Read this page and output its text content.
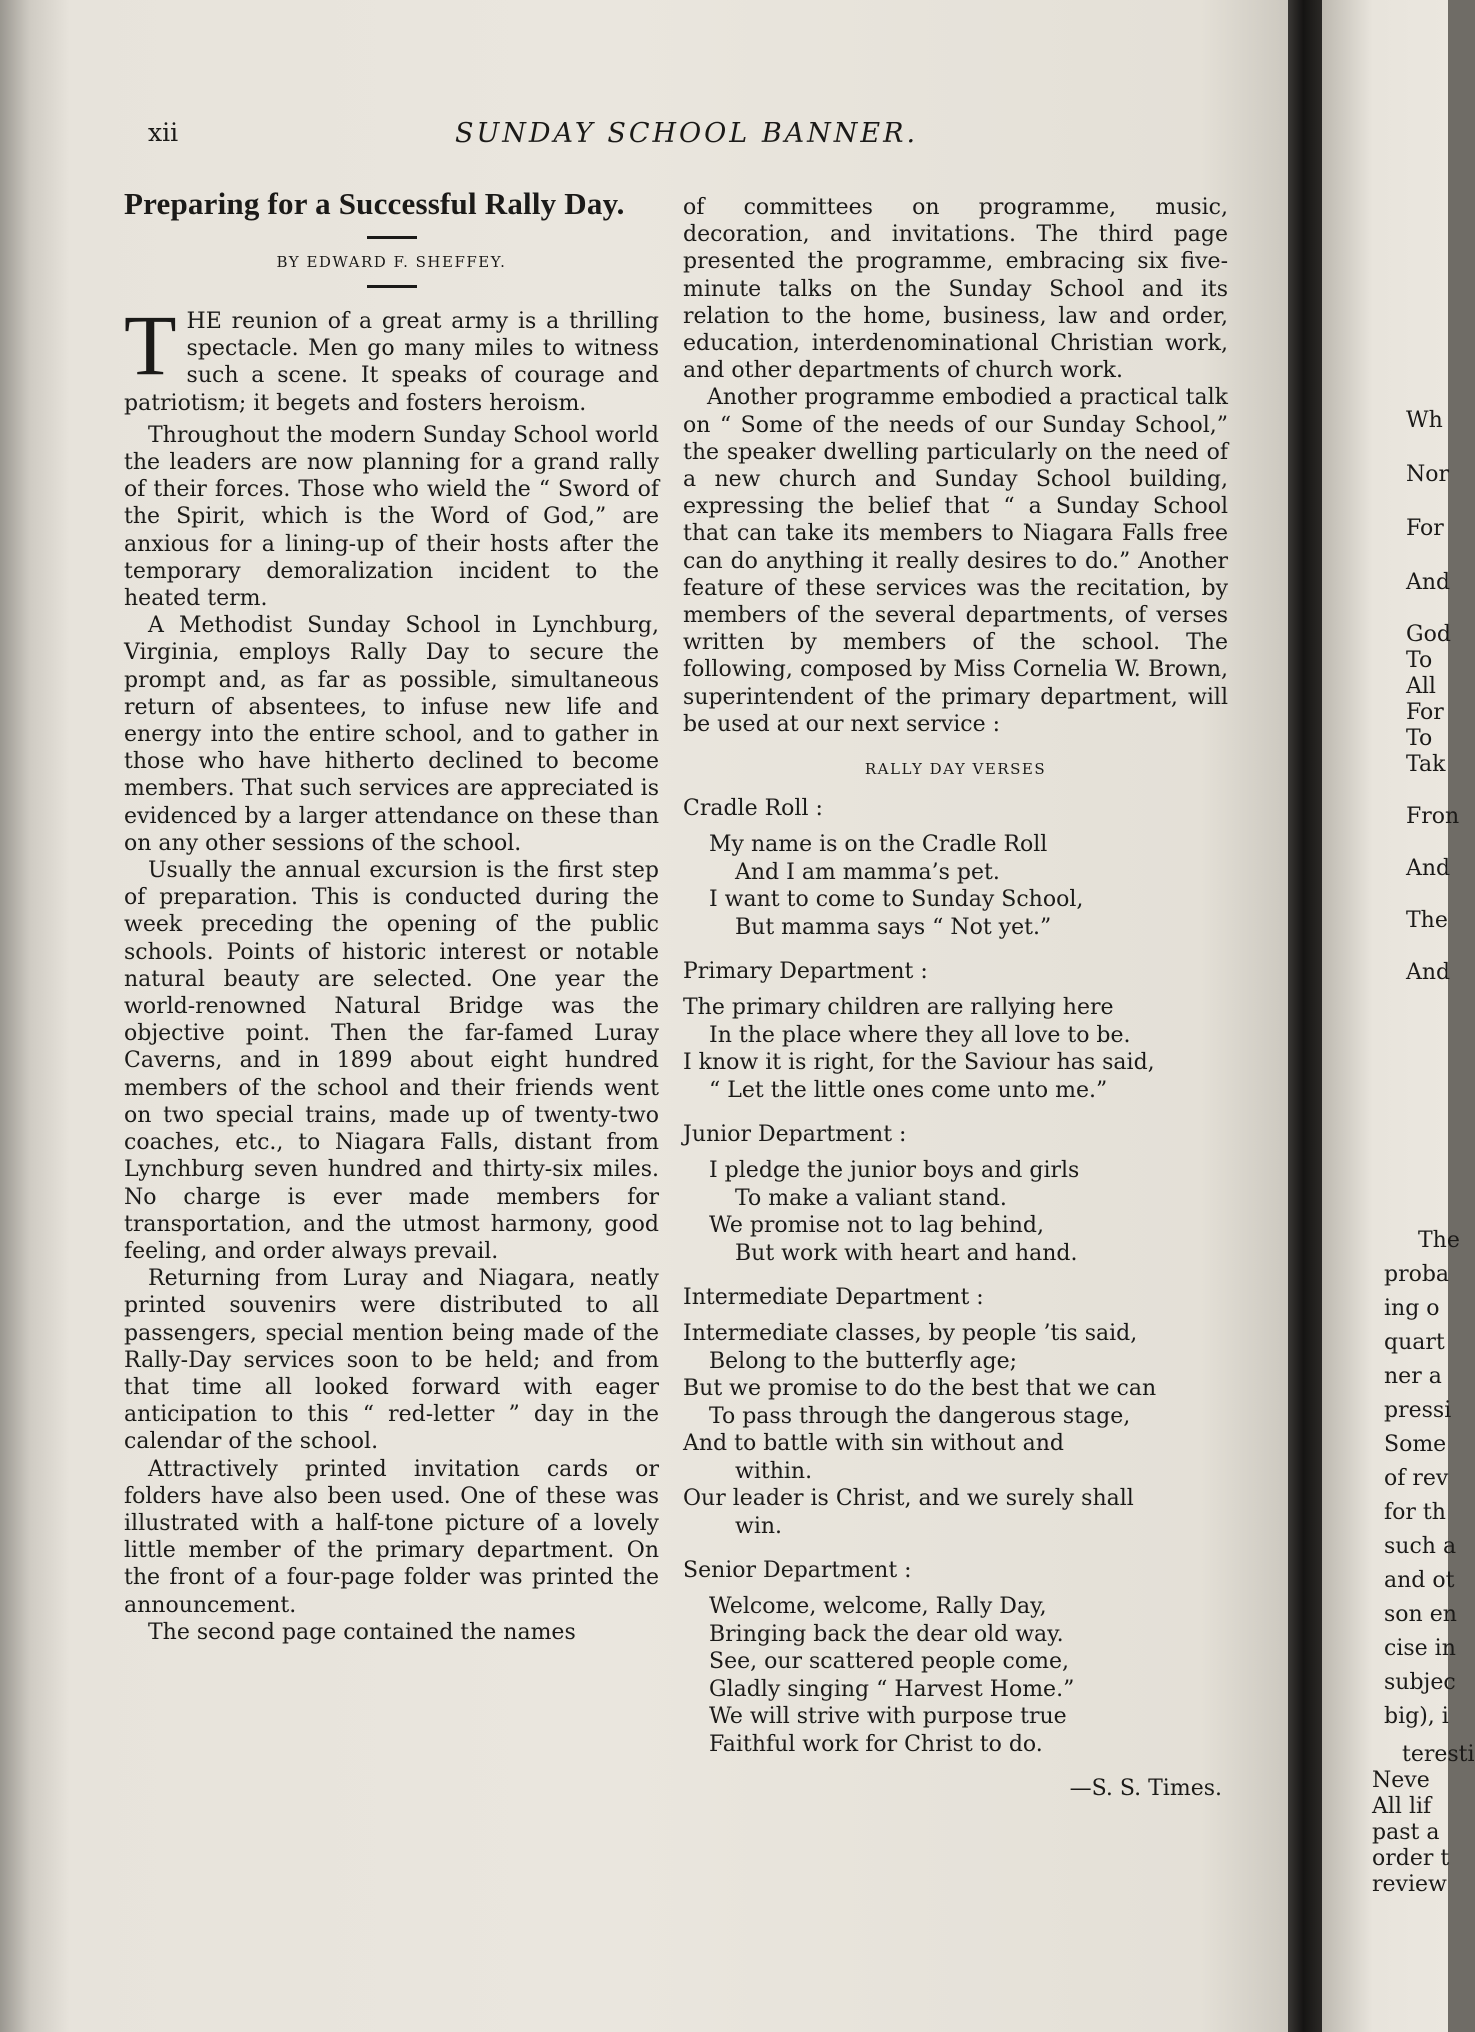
xii	SUNDAY SCHOOL BANNER.
Preparing for a Successful Rally Day.

BY EDWARD F. SHEFFEY.

THE reunion of a great army is a thrilling spectacle. Men go many miles to witness such a scene. It speaks of courage and patriotism; it begets and fosters heroism.

Throughout the modern Sunday School world the leaders are now planning for a grand rally of their forces. Those who wield the “ Sword of the Spirit, which is the Word of God,” are anxious for a lining-up of their hosts after the temporary demoralization incident to the heated term.

A Methodist Sunday School in Lynchburg, Virginia, employs Rally Day to secure the prompt and, as far as possible, simultaneous return of absentees, to infuse new life and energy into the entire school, and to gather in those who have hitherto declined to become members. That such services are appreciated is evidenced by a larger attendance on these than on any other sessions of the school.

Usually the annual excursion is the first step of preparation. This is conducted during the week preceding the opening of the public schools. Points of historic interest or notable natural beauty are selected. One year the world-renowned Natural Bridge was the objective point. Then the far-famed Luray Caverns, and in 1899 about eight hundred members of the school and their friends went on two special trains, made up of twenty-two coaches, etc., to Niagara Falls, distant from Lynchburg seven hundred and thirty-six miles. No charge is ever made members for transportation, and the utmost harmony, good feeling, and order always prevail.

Returning from Luray and Niagara, neatly printed souvenirs were distributed to all passengers, special mention being made of the Rally-Day services soon to be held; and from that time all looked forward with eager anticipation to this “ red-letter ” day in the calendar of the school.

Attractively printed invitation cards or folders have also been used. One of these was illustrated with a half-tone picture of a lovely little member of the primary department. On the front of a four-page folder was printed the announcement.

The second page contained the names

of committees on programme, music, decoration, and invitations. The third page presented the programme, embracing six five-minute talks on the Sunday School and its relation to the home, business, law and order, education, interdenominational Christian work, and other departments of church work.

Another programme embodied a practical talk on “ Some of the needs of our Sunday School,” the speaker dwelling particularly on the need of a new church and Sunday School building, expressing the belief that “ a Sunday School that can take its members to Niagara Falls free can do anything it really desires to do.” Another feature of these services was the recitation, by members of the several departments, of verses written by members of the school. The following, composed by Miss Cornelia W. Brown, superintendent of the primary department, will be used at our next service :

RALLY DAY VERSES

Cradle Roll :
My name is on the Cradle Roll
And I am mamma’s pet.
I want to come to Sunday School,
But mamma says “ Not yet.”
Primary Department :
The primary children are rallying here
In the place where they all love to be.
I know it is right, for the Saviour has said,
“ Let the little ones come unto me.”
Junior Department :
I pledge the junior boys and girls
To make a valiant stand.
We promise not to lag behind,
But work with heart and hand.
Intermediate Department :
Intermediate classes, by people ’tis said,
Belong to the butterfly age;
But we promise to do the best that we can
To pass through the dangerous stage,
And to battle with sin without and
within.
Our leader is Christ, and we surely shall
win.
Senior Department :
Welcome, welcome, Rally Day,
Bringing back the dear old way.
See, our scattered people come,
Gladly singing “ Harvest Home.”
We will strive with purpose true
Faithful work for Christ to do.
—S. S. Times.
Wh
Nor
For
And
God
To
All
For
To
Tak
Fron
And
The
And
The
proba
ing o
quart
ner a
pressi
Some
of rev
for th
such a
and ot
son en
cise in
subjec
big), i
teresti
Neve
All lif
past a
order t
review
